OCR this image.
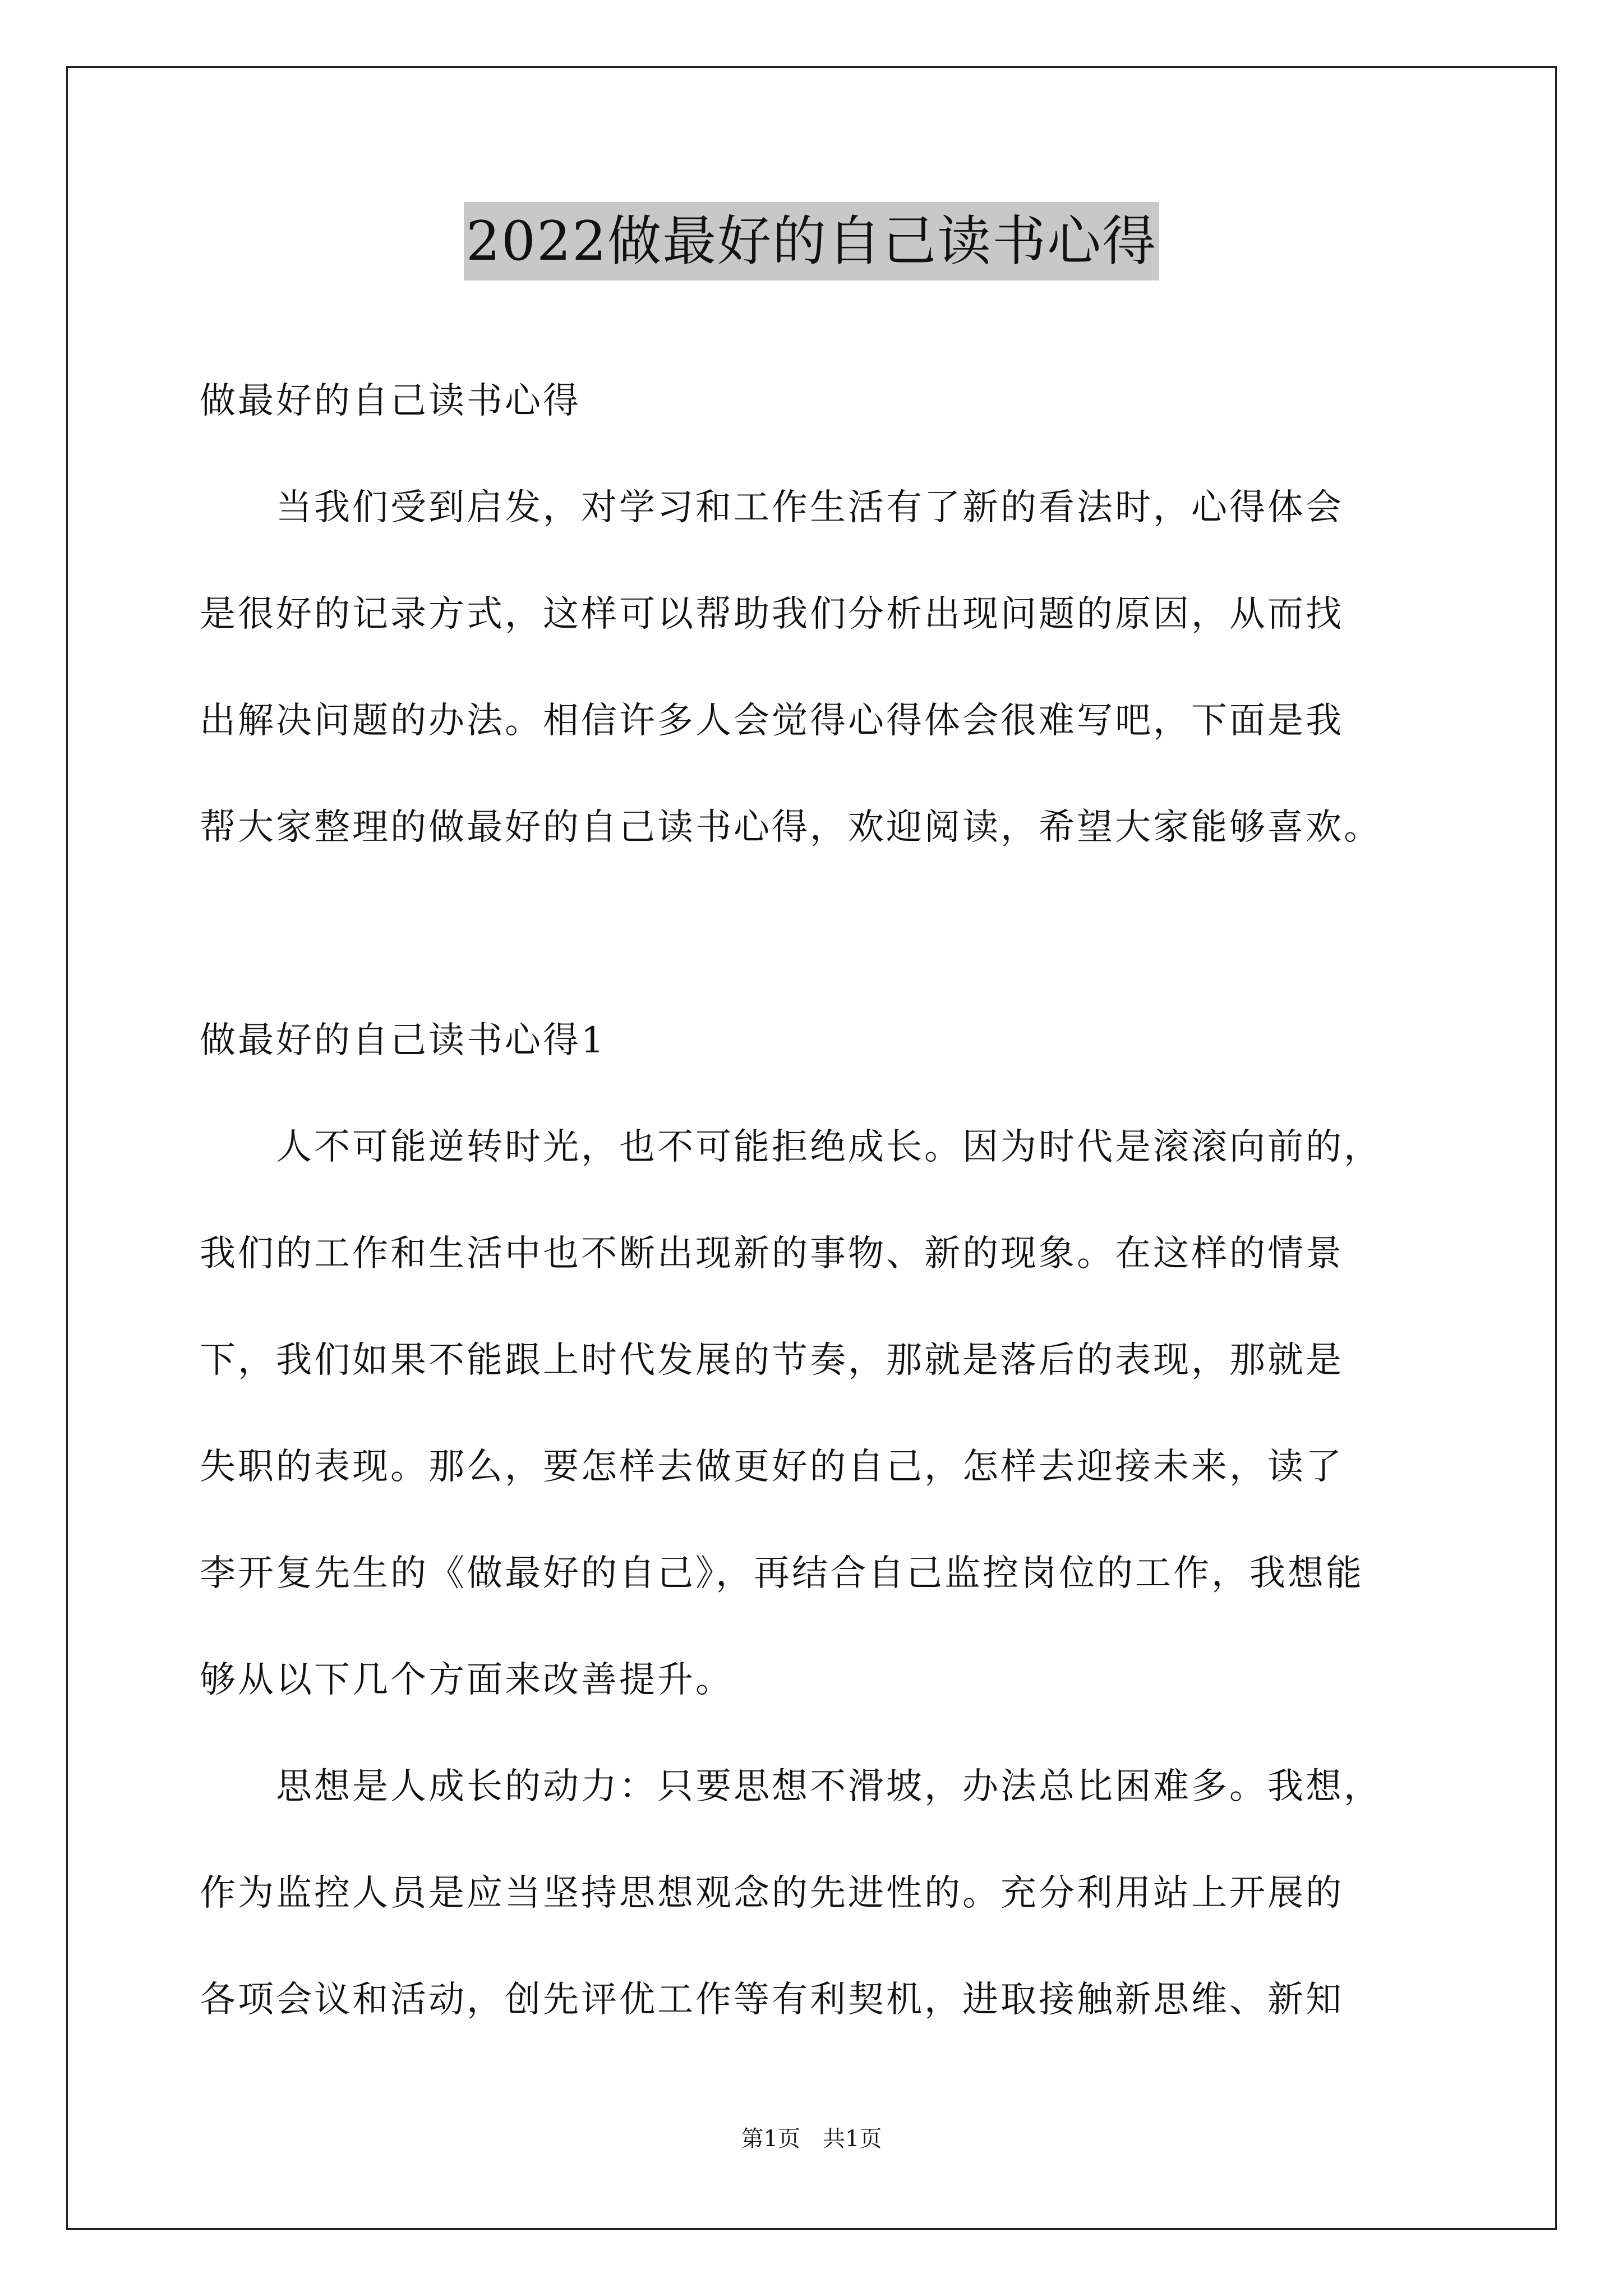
2022做最好的自己读书心得
做最好的自己读书心得
当我们受到启发，对学习和工作生活有了新的看法时，心得体会
是很好的记录方式，这样可以帮助我们分析出现问题的原因，从而找
出解决问题的办法。相信许多人会觉得心得体会很难写吧，下面是我
帮大家整理的做最好的自己读书心得，欢迎阅读，希望大家能够喜欢。
做最好的自己读书心得1
人不可能逆转时光，也不可能拒绝成长。因为时代是滚滚向前的，
我们的工作和生活中也不断出现新的事物、新的现象。在这样的情景
下，我们如果不能跟上时代发展的节奏，那就是落后的表现，那就是
失职的表现。那么，要怎样去做更好的自己，怎样去迎接未来，读了
李开复先生的《做最好的自己》，再结合自己监控岗位的工作，我想能
够从以下几个方面来改善提升。
思想是人成长的动力：只要思想不滑坡，办法总比困难多。我想，
作为监控人员是应当坚持思想观念的先进性的。充分利用站上开展的
各项会议和活动，创先评优工作等有利契机，进取接触新思维、新知
第1页　共1页
